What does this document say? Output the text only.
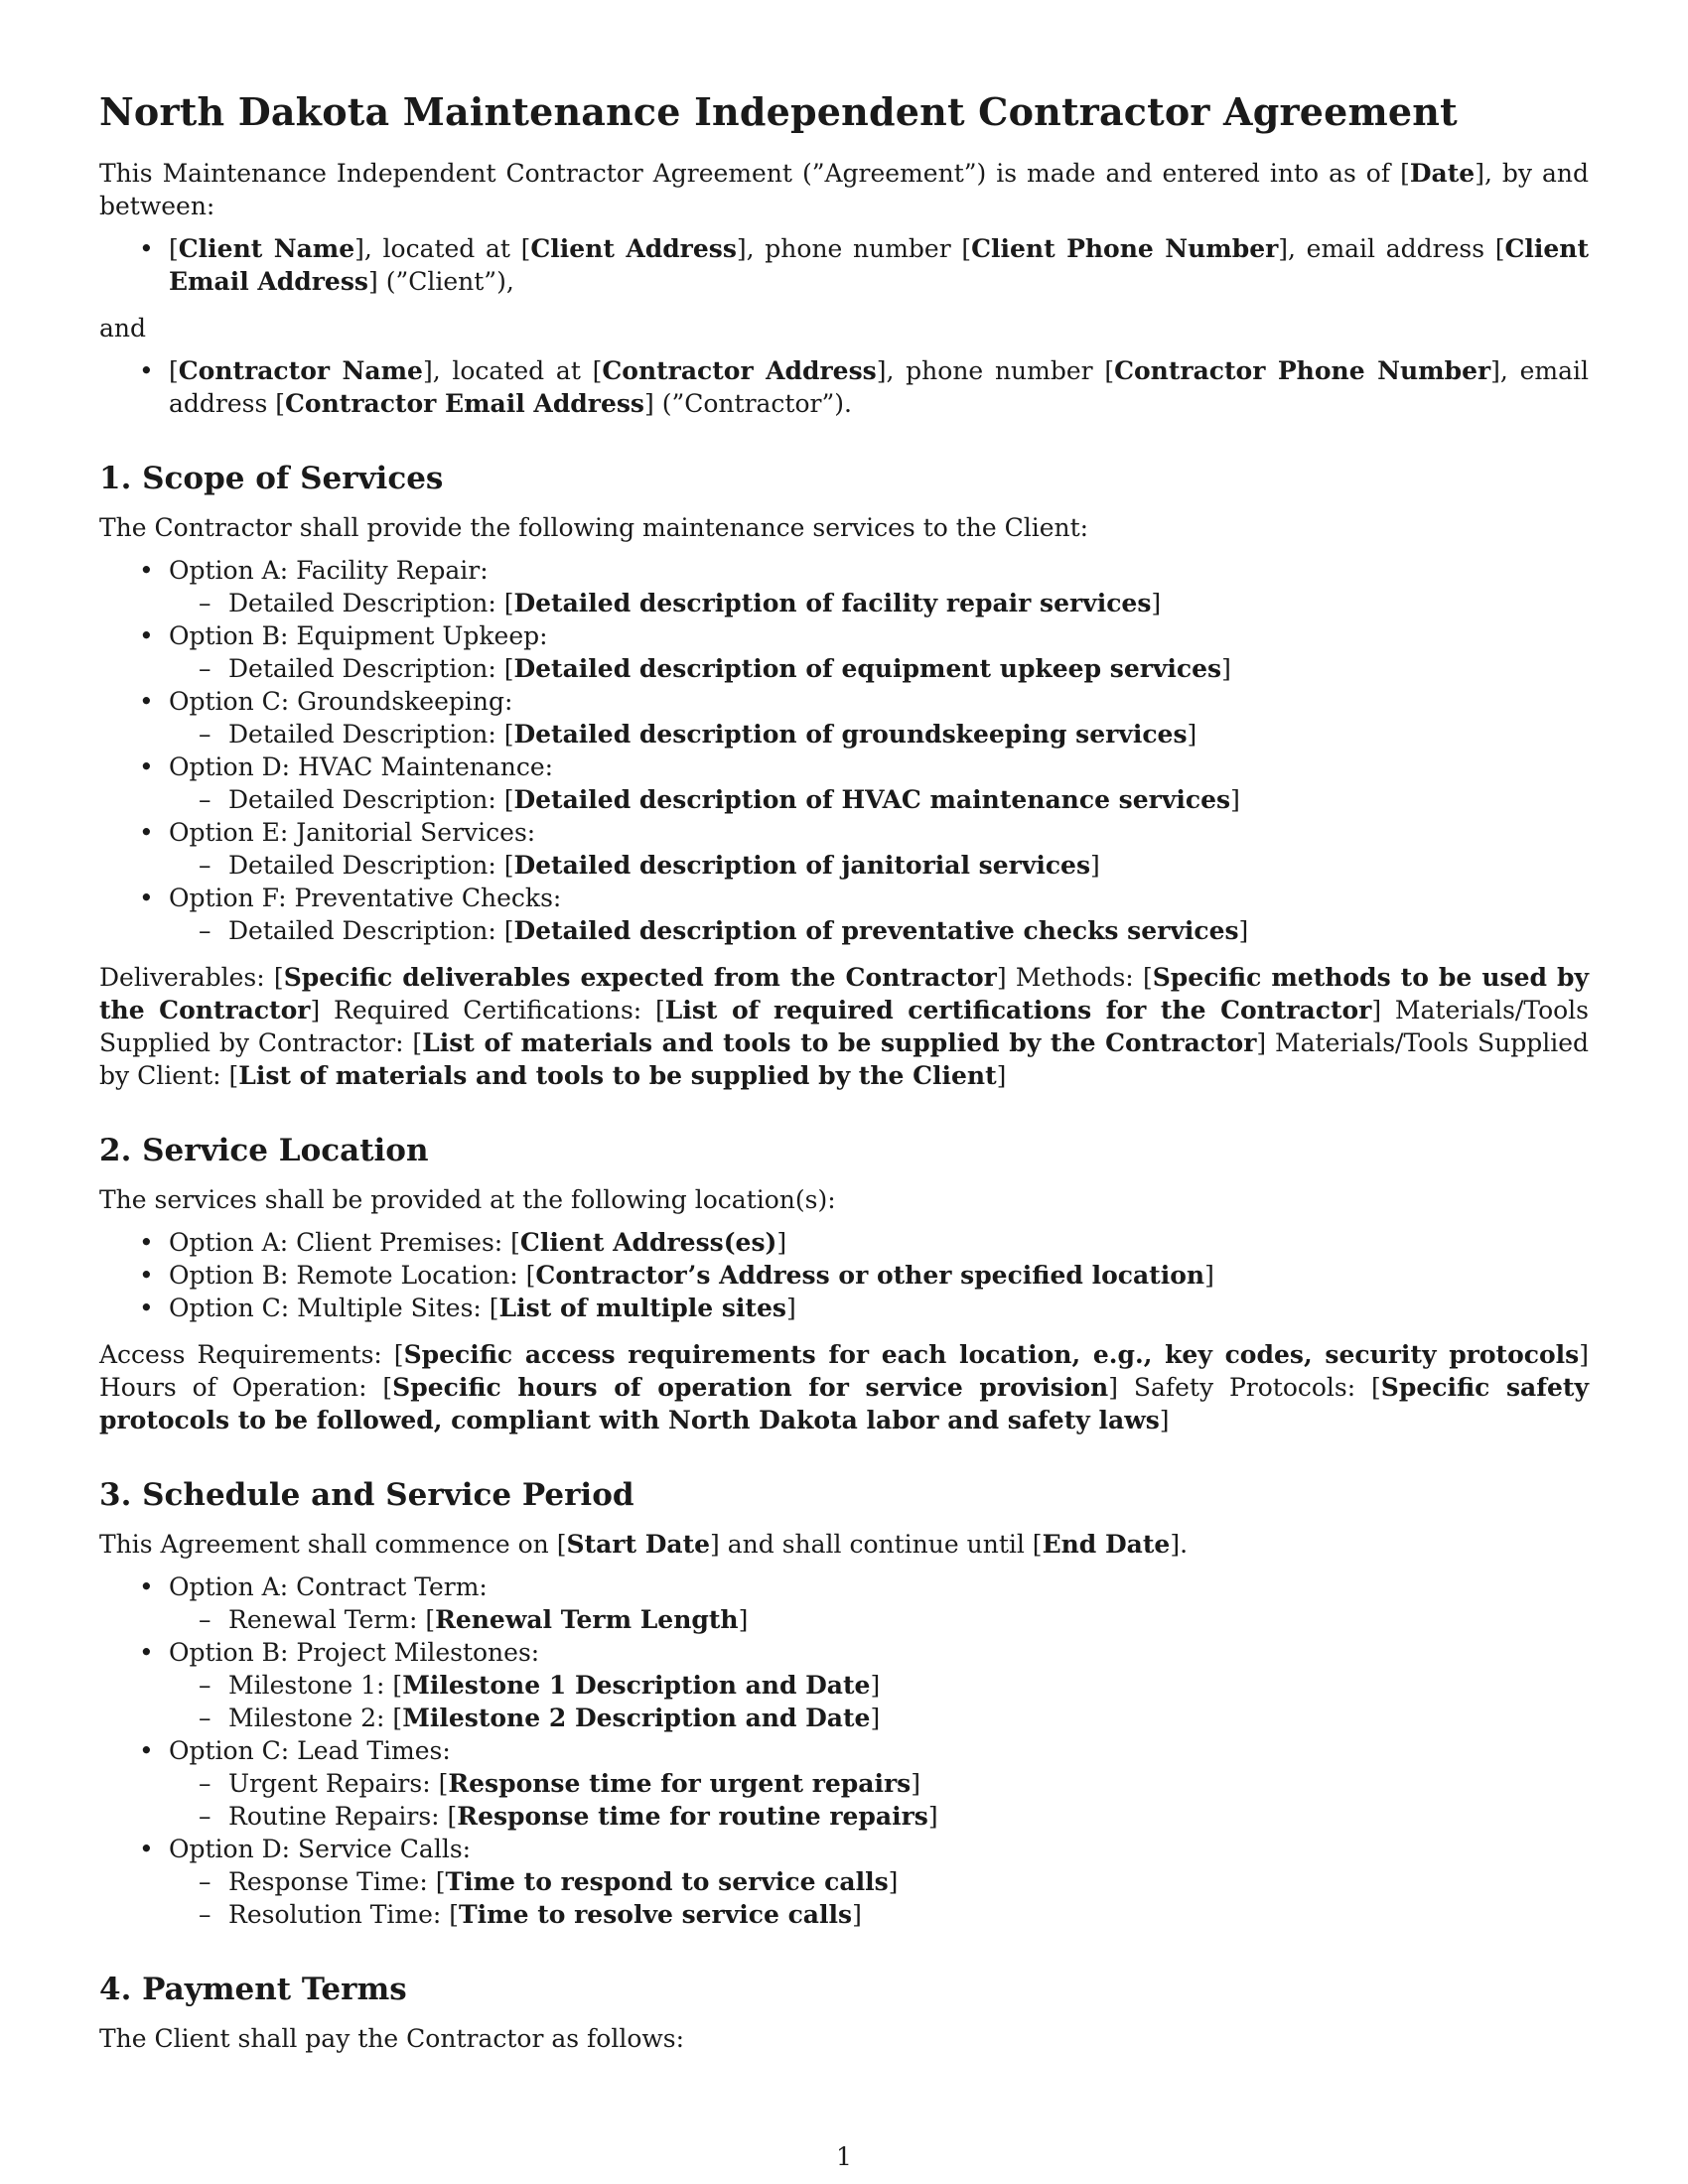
North Dakota Maintenance Independent Contractor Agreement

This Maintenance Independent Contractor Agreement (”Agreement”) is made and entered into as of [Date], by and between:

• [Client Name], located at [Client Address], phone number [Client Phone Number], email address [Client Email Address] (”Client”),

and

• [Contractor Name], located at [Contractor Address], phone number [Contractor Phone Number], email address [Contractor Email Address] (”Contractor”).
1. Scope of Services

The Contractor shall provide the following maintenance services to the Client:

• Option A: Facility Repair:
– Detailed Description: [Detailed description of facility repair services]
• Option B: Equipment Upkeep:
– Detailed Description: [Detailed description of equipment upkeep services]
• Option C: Groundskeeping:
– Detailed Description: [Detailed description of groundskeeping services]
• Option D: HVAC Maintenance:
– Detailed Description: [Detailed description of HVAC maintenance services]
• Option E: Janitorial Services:
– Detailed Description: [Detailed description of janitorial services]
• Option F: Preventative Checks:
– Detailed Description: [Detailed description of preventative checks services]

Deliverables: [Specific deliverables expected from the Contractor] Methods: [Specific methods to be used by the Contractor] Required Certifications: [List of required certifications for the Contractor] Materials/Tools Supplied by Contractor: [List of materials and tools to be supplied by the Contractor] Materials/Tools Supplied by Client: [List of materials and tools to be supplied by the Client]

2. Service Location

The services shall be provided at the following location(s):

• Option A: Client Premises: [Client Address(es)]
• Option B: Remote Location: [Contractor’s Address or other specified location]
• Option C: Multiple Sites: [List of multiple sites]

Access Requirements: [Specific access requirements for each location, e.g., key codes, security protocols] Hours of Operation: [Specific hours of operation for service provision] Safety Protocols: [Specific safety protocols to be followed, compliant with North Dakota labor and safety laws]

3. Schedule and Service Period

This Agreement shall commence on [Start Date] and shall continue until [End Date].

• Option A: Contract Term:
– Renewal Term: [Renewal Term Length]
• Option B: Project Milestones:
– Milestone 1: [Milestone 1 Description and Date]
– Milestone 2: [Milestone 2 Description and Date]
• Option C: Lead Times:
– Urgent Repairs: [Response time for urgent repairs]
– Routine Repairs: [Response time for routine repairs]
• Option D: Service Calls:
– Response Time: [Time to respond to service calls]
– Resolution Time: [Time to resolve service calls]
4. Payment Terms

The Client shall pay the Contractor as follows:

1
